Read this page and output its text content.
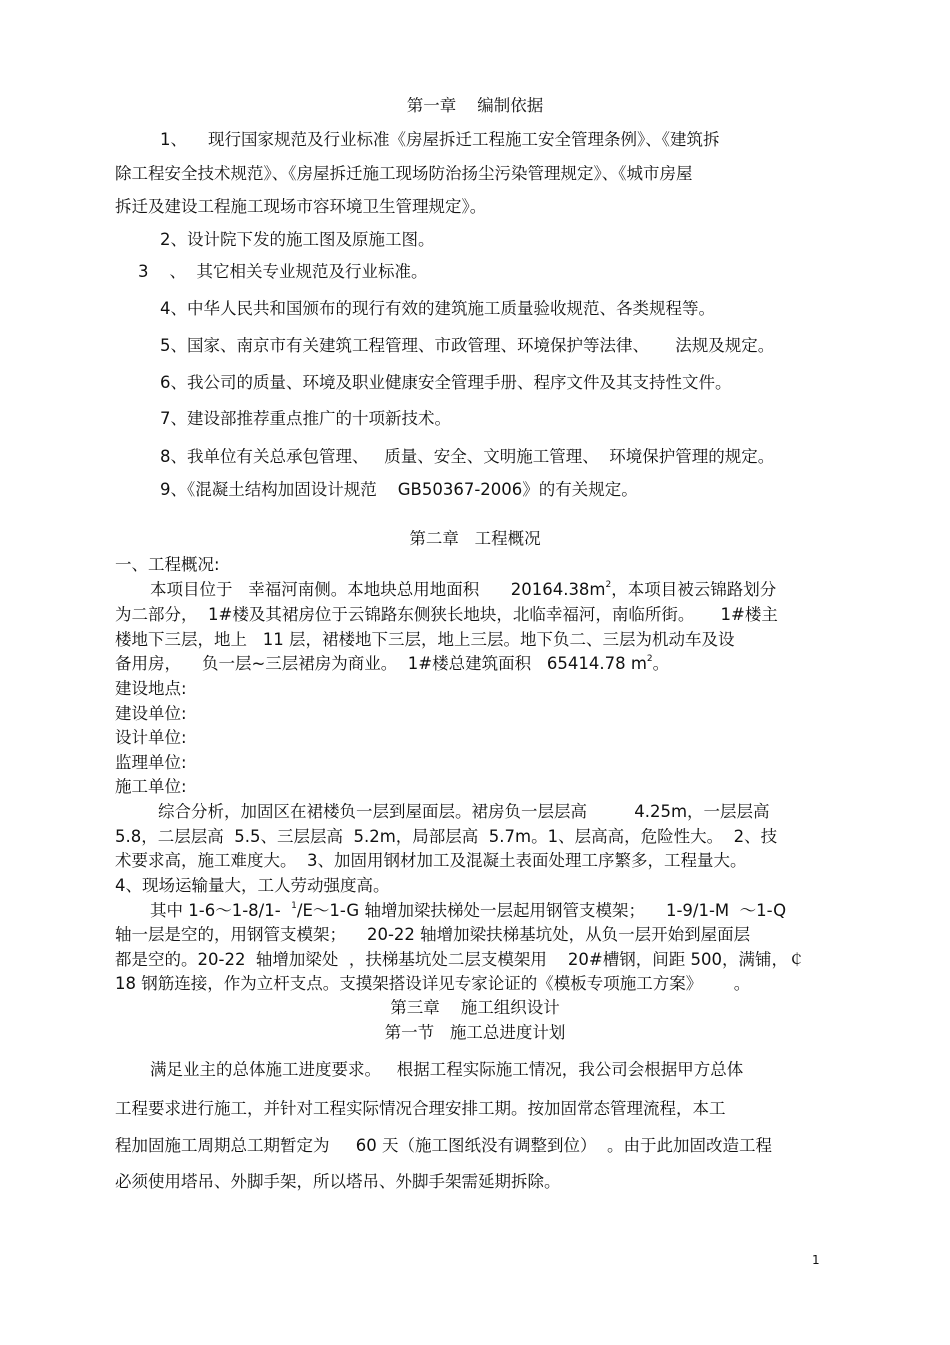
第一章    编制依据

1、    现行国家规范及行业标准《房屋拆迁工程施工安全管理条例》、《建筑拆

除工程安全技术规范》、《房屋拆迁施工现场防治扬尘污染管理规定》、《城市房屋

拆迁及建设工程施工现场市容环境卫生管理规定》。

2、设计院下发的施工图及原施工图。

3    、  其它相关专业规范及行业标准。

4、中华人民共和国颁布的现行有效的建筑施工质量验收规范、各类规程等。

5、国家、南京市有关建筑工程管理、市政管理、环境保护等法律、     法规及规定。

6、我公司的质量、环境及职业健康安全管理手册、程序文件及其支持性文件。

7、建设部推荐重点推广的十项新技术。

8、我单位有关总承包管理、   质量、安全、文明施工管理、  环境保护管理的规定。

9、《混凝土结构加固设计规范    GB50367-2006》的有关规定。

第二章   工程概况

一、工程概况:

本项目位于   幸福河南侧。本地块总用地面积      $20164.38m^2$，本项目被云锦路划分

为二部分，  1#楼及其裙房位于云锦路东侧狭长地块，北临幸福河，南临所街。     1#楼主

楼地下三层，地上   11 层，裙楼地下三层，地上三层。地下负二、三层为机动车及设

备用房，    负一层~三层裙房为商业。  1#楼总建筑面积   65414.78 $m^2$。

建设地点:

建设单位:

设计单位:

监理单位:

施工单位:

综合分析，加固区在裙楼负一层到屋面层。裙房负一层层高         4.25m，一层层高

5.8，二层层高  5.5、三层层高  5.2m，局部层高  5.7m。1、层高高，危险性大。  2、技

术要求高，施工难度大。  3、加固用钢材加工及混凝土表面处理工序繁多，工程量大。

4、现场运输量大，工人劳动强度高。

其中 1-6～1-8/1-  $^1$/E～1-G 轴增加梁扶梯处一层起用钢管支模架；    1-9/1-M  ～1-Q

轴一层是空的，用钢管支模架；    20-22 轴增加梁扶梯基坑处，从负一层开始到屋面层

都是空的。20-22  轴增加梁处  ，扶梯基坑处二层支模架用    20#槽钢，间距 500，满铺，￠

18 钢筋连接，作为立杆支点。支摸架搭设详见专家论证的《模板专项施工方案》      。

第三章    施工组织设计

第一节   施工总进度计划

满足业主的总体施工进度要求。   根据工程实际施工情况，我公司会根据甲方总体

工程要求进行施工，并针对工程实际情况合理安排工期。按加固常态管理流程，本工

程加固施工周期总工期暂定为     60 天（施工图纸没有调整到位）  。由于此加固改造工程

必须使用塔吊、外脚手架，所以塔吊、外脚手架需延期拆除。

1
